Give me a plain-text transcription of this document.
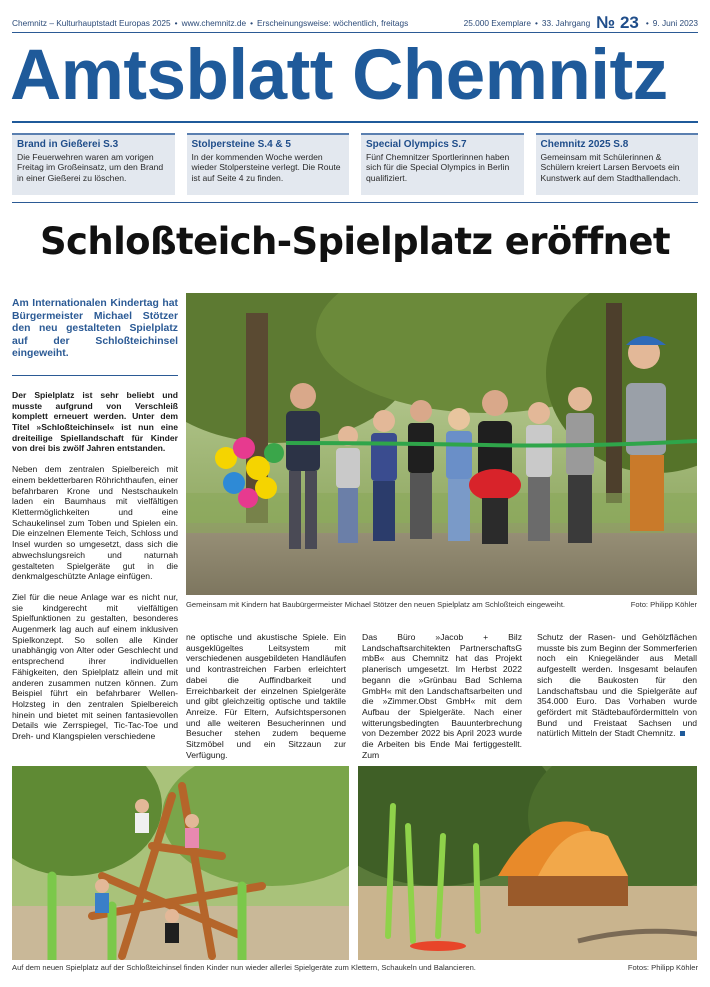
Chemnitz – Kulturhauptstadt Europas 2025 • www.chemnitz.de • Erscheinungsweise: wöchentlich, freitags	25.000 Exemplare • 33. Jahrgang № 23 • 9. Juni 2023
Amtsblatt Chemnitz
Brand in Gießerei S.3

Die Feuerwehren waren am vorigen Freitag im Großeinsatz, um den Brand in einer Gießerei zu löschen.

Stolpersteine S.4 & 5

In der kommenden Woche werden wieder Stolpersteine verlegt. Die Route ist auf Seite 4 zu finden.

Special Olympics S.7

Fünf Chemnitzer Sportlerinnen haben sich für die Special Olympics in Berlin qualifiziert.

Chemnitz 2025 S.8

Gemeinsam mit Schülerinnen & Schülern kreiert Larsen Bervoets ein Kunstwerk auf dem Stadthallendach.

Schloßteich-Spielplatz eröffnet

Am Internationalen Kindertag hat Bürgermeister Michael Stötzer den neu gestalteten Spielplatz auf der Schloßteichinsel eingeweiht.

Der Spielplatz ist sehr beliebt und musste aufgrund von Verschleiß komplett erneuert werden. Unter dem Titel »Schloßteichinsel« ist nun eine dreiteilige Spiellandschaft für Kinder von drei bis zwölf Jahren entstanden.

Neben dem zentralen Spielbereich mit einem bekletterbaren Röhrichthaufen, einer befahrbaren Krone und Nestschaukeln laden ein Baumhaus mit vielfältigen Klettermöglichkeiten und eine Schaukelinsel zum Toben und Spielen ein. Die einzelnen Elemente Teich, Schloss und Insel wurden so umgesetzt, dass sich die abwechslungsreich und naturnah gestalteten Spielgeräte gut in die denkmalgeschützte Anlage einfügen.

Ziel für die neue Anlage war es nicht nur, sie kindgerecht mit vielfältigen Spielfunktionen zu gestalten, besonderes Augenmerk lag auch auf einem inklusiven Spielkonzept. So sollen alle Kinder unabhängig von Alter oder Geschlecht und entsprechend ihrer individuellen Fähigkeiten, den Spielplatz allein und mit anderen zusammen nutzen können. Zum Beispiel führt ein befahrbarer Wellen-Holzsteg in den zentralen Spielbereich hinein und bietet mit seinen fantasievollen Details wie Zerrspiegel, Tic-Tac-Toe und Dreh- und Klangspielen verschiedene

Gemeinsam mit Kindern hat Baubürgermeister Michael Stötzer den neuen Spielplatz am Schloßteich eingeweiht.	Foto: Philipp Köhler

ne optische und akustische Spiele. Ein ausgeklügeltes Leitsystem mit verschiedenen ausgebildeten Handläufen und kontrastreichen Farben erleichtert dabei die Auffindbarkeit und Erreichbarkeit der einzelnen Spielgeräte und gibt gleichzeitig optische und taktile Anreize. Für Eltern, Aufsichtspersonen und alle weiteren Besucherinnen und Besucher stehen zudem bequeme Sitzmöbel und ein Sitzzaun zur Verfügung.

Das Büro »Jacob + Bilz Landschaftsarchitekten PartnerschaftsG mbB« aus Chemnitz hat das Projekt planerisch umgesetzt. Im Herbst 2022 begann die »Grünbau Bad Schlema GmbH« mit den Landschaftsarbeiten und die »Zimmer.Obst GmbH« mit dem Aufbau der Spielgeräte. Nach einer witterungsbedingten Bauunterbrechung von Dezember 2022 bis April 2023 wurde die Arbeiten bis Ende Mai fertiggestellt. Zum

Schutz der Rasen- und Gehölzflächen musste bis zum Beginn der Sommerferien noch ein Kniegeländer aus Metall aufgestellt werden. Insgesamt belaufen sich die Baukosten für den Landschaftsbau und die Spielgeräte auf 354.000 Euro. Das Vorhaben wurde gefördert mit Städtebaufördermitteln von Bund und Freistaat Sachsen und natürlich Mitteln der Stadt Chemnitz.
Auf dem neuen Spielplatz auf der Schloßteichinsel finden Kinder nun wieder allerlei Spielgeräte zum Klettern, Schaukeln und Balancieren.	Fotos: Philipp Köhler
